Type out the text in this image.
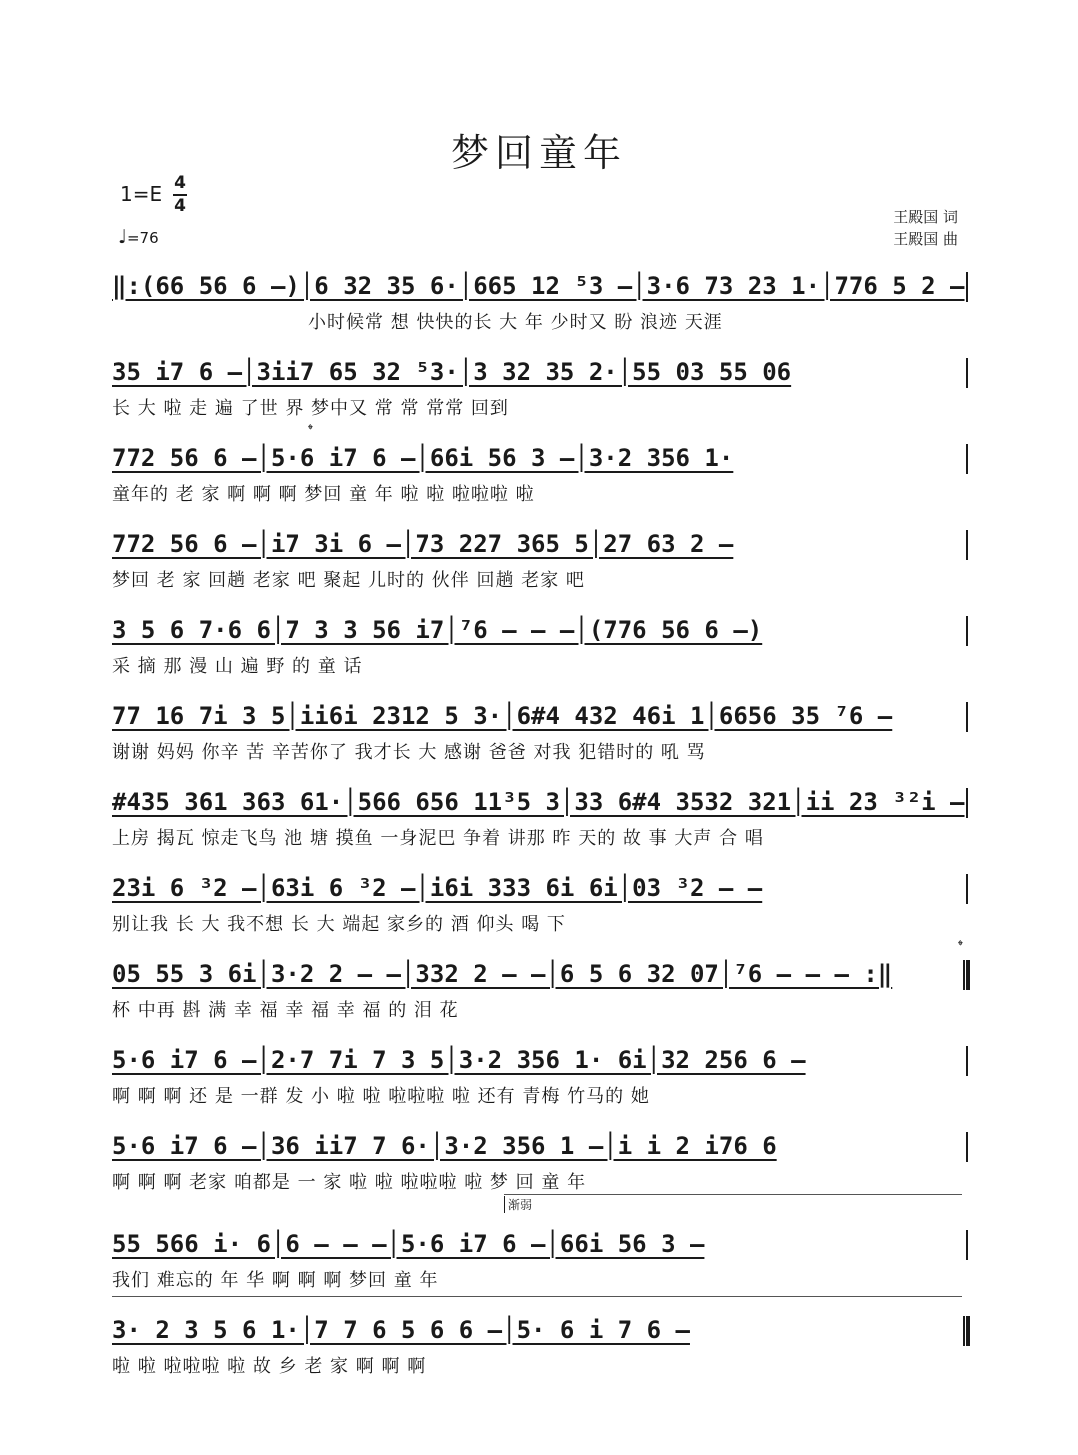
梦回童年
1=E 4
4
♩=76
王殿国 词
王殿国 曲
‖:(66 56 6 –)│6 32 35 6·│665 12 ⁵3 –│3·6 73 23 1·│776 5 2 –
小时候常 想 快快的长 大 年 少时又 盼 浪迹 天涯
35 i7 6 –│3ii7 65 32 ⁵3·│3 32 35 2·│55 03 55 06
长 大 啦 走 遍 了世 界 梦中又 常 常 常常 回到
𝄌
772 56 6 –│5·6 i7 6 –│66i 56 3 –│3·2 356 1·
童年的 老 家 啊 啊 啊 梦回 童 年 啦 啦 啦啦啦 啦
772 56 6 –│i7 3i 6 –│73 227 365 5│27 63 2 –
梦回 老 家 回趟 老家 吧 聚起 儿时的 伙伴 回趟 老家 吧
3 5 6 7·6 6│7 3 3 56 i7│⁷6 – – –│(776 56 6 –)
采 摘 那 漫 山 遍 野 的 童 话
77 16 7i 3 5│ii6i 2312 5 3·│6#4 432 46i 1│6656 35 ⁷6 –
谢谢 妈妈 你辛 苦 辛苦你了 我才长 大 感谢 爸爸 对我 犯错时的 吼 骂
#435 361 363 61·│566 656 11³5 3│33 6#4 3532 321│ii 23 ³²i –
上房 揭瓦 惊走飞鸟 池 塘 摸鱼 一身泥巴 争着 讲那 昨 天的 故 事 大声 合 唱
23i 6 ³2 –│63i 6 ³2 –│i6i 333 6i 6i│03 ³2 – –
别让我 长 大 我不想 长 大 端起 家乡的 酒 仰头 喝 下
𝄌
05 55 3 6i│3·2 2 – –│332 2 – –│6 5 6 32 07│⁷6 – – – :‖
杯 中再 斟 满 幸 福 幸 福 幸 福 的 泪 花
5·6 i7 6 –│2·7 7i 7 3 5│3·2 356 1· 6i│32 256 6 –
啊 啊 啊 还 是 一群 发 小 啦 啦 啦啦啦 啦 还有 青梅 竹马的 她
5·6 i7 6 –│36 ii7 7 6·│3·2 356 1 –│i i 2 i76 6
啊 啊 啊 老家 咱都是 一 家 啦 啦 啦啦啦 啦 梦 回 童 年
渐弱
55 566 i· 6│6 – – –│5·6 i7 6 –│66i 56 3 –
我们 难忘的 年 华 啊 啊 啊 梦回 童 年
3· 2 3 5 6 1·│7 7 6 5 6 6 –│5· 6 i 7 6 –
啦 啦 啦啦啦 啦 故 乡 老 家 啊 啊 啊
